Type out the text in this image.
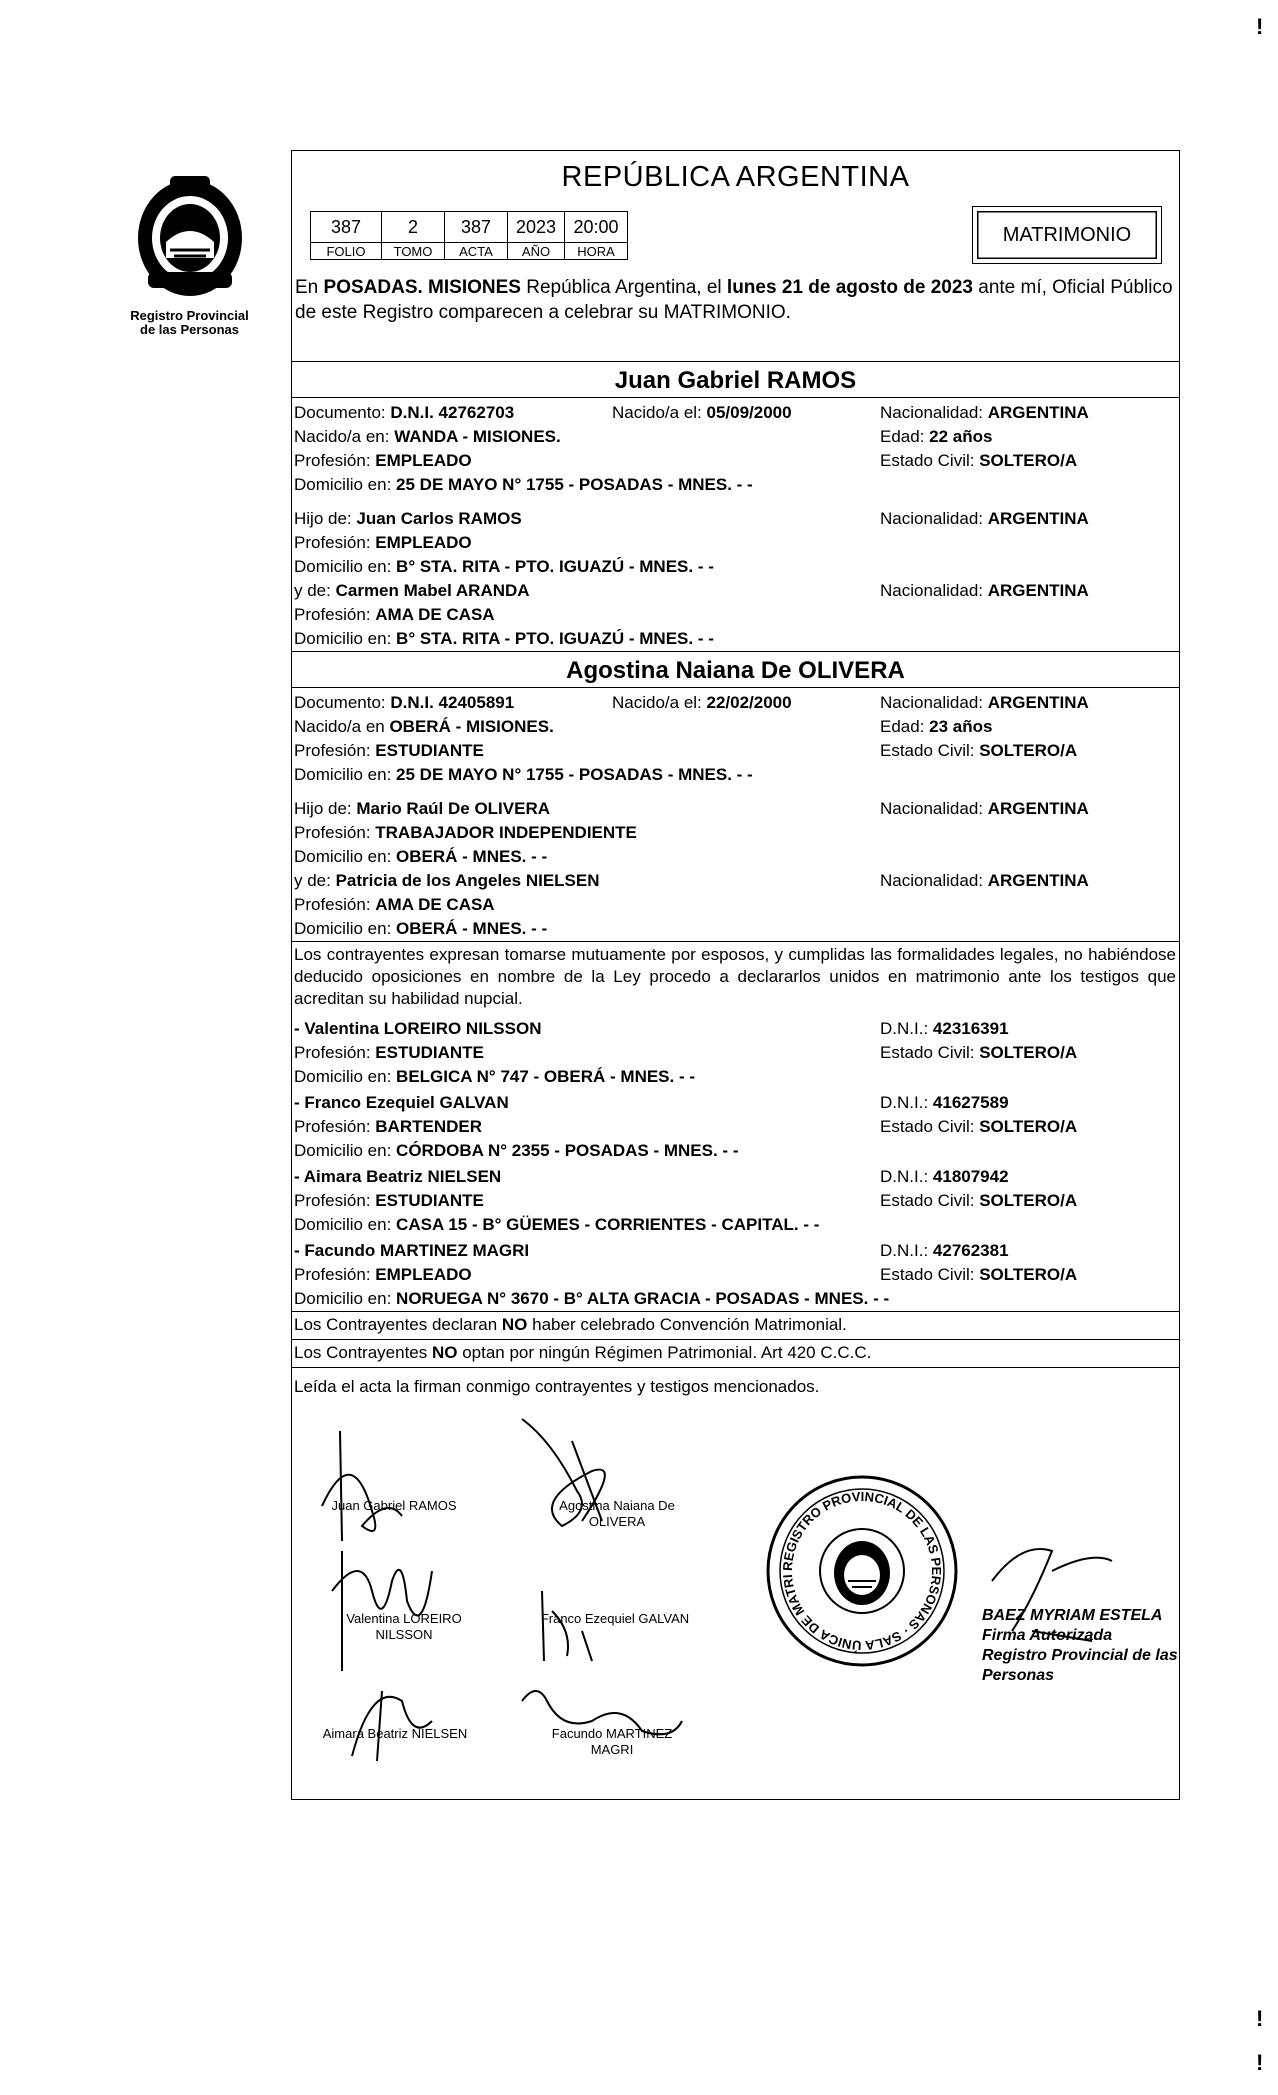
Registro Provincial
de las Personas
REPÚBLICA ARGENTINA
387	2	387	2023	20:00
FOLIO	TOMO	ACTA	AÑO	HORA
MATRIMONIO
En POSADAS. MISIONES República Argentina, el lunes 21 de agosto de 2023 ante mí, Oficial Público de este Registro comparecen a celebrar su MATRIMONIO.
Juan Gabriel RAMOS
Documento: D.N.I. 42762703	Nacido/a el: 05/09/2000	Nacionalidad: ARGENTINA
Nacido/a en: WANDA - MISIONES.	Edad: 22 años
Profesión: EMPLEADO	Estado Civil: SOLTERO/A
Domicilio en: 25 DE MAYO N° 1755 - POSADAS - MNES. - -
Hijo de: Juan Carlos RAMOS	Nacionalidad: ARGENTINA
Profesión: EMPLEADO
Domicilio en: B° STA. RITA - PTO. IGUAZÚ - MNES. - -
y de: Carmen Mabel ARANDA	Nacionalidad: ARGENTINA
Profesión: AMA DE CASA
Domicilio en: B° STA. RITA - PTO. IGUAZÚ - MNES. - -
Agostina Naiana De OLIVERA
Documento: D.N.I. 42405891	Nacido/a el: 22/02/2000	Nacionalidad: ARGENTINA
Nacido/a en OBERÁ - MISIONES.	Edad: 23 años
Profesión: ESTUDIANTE	Estado Civil: SOLTERO/A
Domicilio en: 25 DE MAYO N° 1755 - POSADAS - MNES. - -
Hijo de: Mario Raúl De OLIVERA	Nacionalidad: ARGENTINA
Profesión: TRABAJADOR INDEPENDIENTE
Domicilio en: OBERÁ - MNES. - -
y de: Patricia de los Angeles NIELSEN	Nacionalidad: ARGENTINA
Profesión: AMA DE CASA
Domicilio en: OBERÁ - MNES. - -
Los contrayentes expresan tomarse mutuamente por esposos, y cumplidas las formalidades legales, no habiéndose deducido oposiciones en nombre de la Ley procedo a declararlos unidos en matrimonio ante los testigos que acreditan su habilidad nupcial.
- Valentina LOREIRO NILSSON	D.N.I.: 42316391
Profesión: ESTUDIANTE	Estado Civil: SOLTERO/A
Domicilio en: BELGICA N° 747 - OBERÁ - MNES. - -
- Franco Ezequiel GALVAN	D.N.I.: 41627589
Profesión: BARTENDER	Estado Civil: SOLTERO/A
Domicilio en: CÓRDOBA N° 2355 - POSADAS - MNES. - -
- Aimara Beatriz NIELSEN	D.N.I.: 41807942
Profesión: ESTUDIANTE	Estado Civil: SOLTERO/A
Domicilio en: CASA 15 - B° GÜEMES - CORRIENTES - CAPITAL. - -
- Facundo MARTINEZ MAGRI	D.N.I.: 42762381
Profesión: EMPLEADO	Estado Civil: SOLTERO/A
Domicilio en: NORUEGA N° 3670 - B° ALTA GRACIA - POSADAS - MNES. - -
Los Contrayentes declaran NO haber celebrado Convención Matrimonial.
Los Contrayentes NO optan por ningún Régimen Patrimonial. Art 420 C.C.C.
Leída el acta la firman conmigo contrayentes y testigos mencionados.
Juan Gabriel RAMOS	Agostina Naiana De
OLIVERA
Valentina LOREIRO
NILSSON
Franco Ezequiel GALVAN
Aimara Beatriz NIELSEN	Facundo MARTINEZ
MAGRI
REGISTRO PROVINCIAL DE LAS PERSONAS · SALA ÚNICA DE MATRI
BAEZ MYRIAM ESTELA
Firma Autorizada
Registro Provincial de las Personas
!
!
!
